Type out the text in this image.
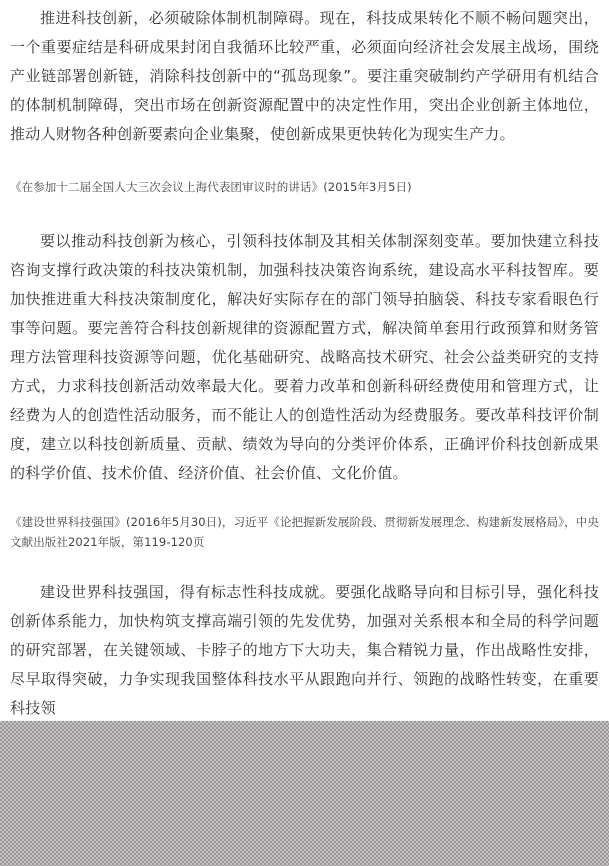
推进科技创新，必须破除体制机制障碍。现在，科技成果转化不顺不畅问题突出，一个重要症结是科研成果封闭自我循环比较严重，必须面向经济社会发展主战场，围绕产业链部署创新链，消除科技创新中的“孤岛现象”。要注重突破制约产学研用有机结合的体制机制障碍，突出市场在创新资源配置中的决定性作用，突出企业创新主体地位，推动人财物各种创新要素向企业集聚，使创新成果更快转化为现实生产力。

《在参加十二届全国人大三次会议上海代表团审议时的讲话》(2015年3月5日)

要以推动科技创新为核心，引领科技体制及其相关体制深刻变革。要加快建立科技咨询支撑行政决策的科技决策机制，加强科技决策咨询系统，建设高水平科技智库。要加快推进重大科技决策制度化，解决好实际存在的部门领导拍脑袋、科技专家看眼色行事等问题。要完善符合科技创新规律的资源配置方式，解决简单套用行政预算和财务管理方法管理科技资源等问题，优化基础研究、战略高技术研究、社会公益类研究的支持方式，力求科技创新活动效率最大化。要着力改革和创新科研经费使用和管理方式，让经费为人的创造性活动服务，而不能让人的创造性活动为经费服务。要改革科技评价制度，建立以科技创新质量、贡献、绩效为导向的分类评价体系，正确评价科技创新成果的科学价值、技术价值、经济价值、社会价值、文化价值。

《建设世界科技强国》(2016年5月30日)，习近平《论把握新发展阶段、贯彻新发展理念、构建新发展格局》，中央文献出版社2021年版，第119-120页

建设世界科技强国，得有标志性科技成就。要强化战略导向和目标引导，强化科技创新体系能力，加快构筑支撑高端引领的先发优势，加强对关系根本和全局的科学问题的研究部署，在关键领域、卡脖子的地方下大功夫，集合精锐力量，作出战略性安排，尽早取得突破，力争实现我国整体科技水平从跟跑向并行、领跑的战略性转变，在重要科技领
